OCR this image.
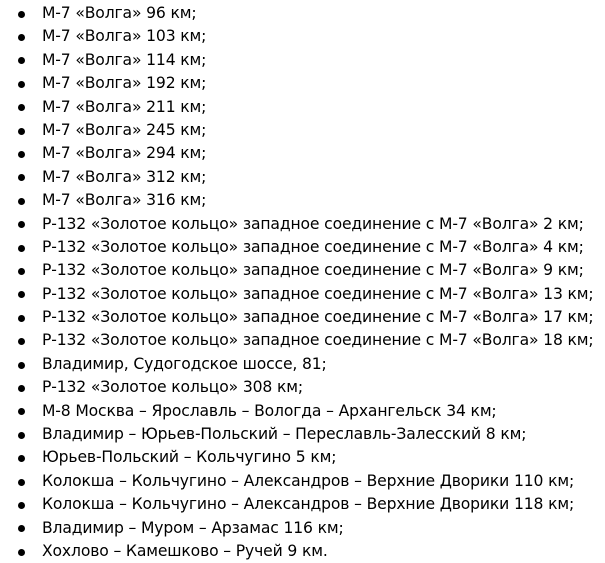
М-7 «Волга» 96 км;
М-7 «Волга» 103 км;
М-7 «Волга» 114 км;
М-7 «Волга» 192 км;
М-7 «Волга» 211 км;
М-7 «Волга» 245 км;
М-7 «Волга» 294 км;
М-7 «Волга» 312 км;
М-7 «Волга» 316 км;
Р-132 «Золотое кольцо» западное соединение с М-7 «Волга» 2 км;
Р-132 «Золотое кольцо» западное соединение с М-7 «Волга» 4 км;
Р-132 «Золотое кольцо» западное соединение с М-7 «Волга» 9 км;
Р-132 «Золотое кольцо» западное соединение с М-7 «Волга» 13 км;
Р-132 «Золотое кольцо» западное соединение с М-7 «Волга» 17 км;
Р-132 «Золотое кольцо» западное соединение с М-7 «Волга» 18 км;
Владимир, Судогодское шоссе, 81;
Р-132 «Золотое кольцо» 308 км;
М-8 Москва – Ярославль – Вологда – Архангельск 34 км;
Владимир – Юрьев-Польский – Переславль-Залесский 8 км;
Юрьев-Польский – Кольчугино 5 км;
Колокша – Кольчугино – Александров – Верхние Дворики 110 км;
Колокша – Кольчугино – Александров – Верхние Дворики 118 км;
Владимир – Муром – Арзамас 116 км;
Хохлово – Камешково – Ручей 9 км.
